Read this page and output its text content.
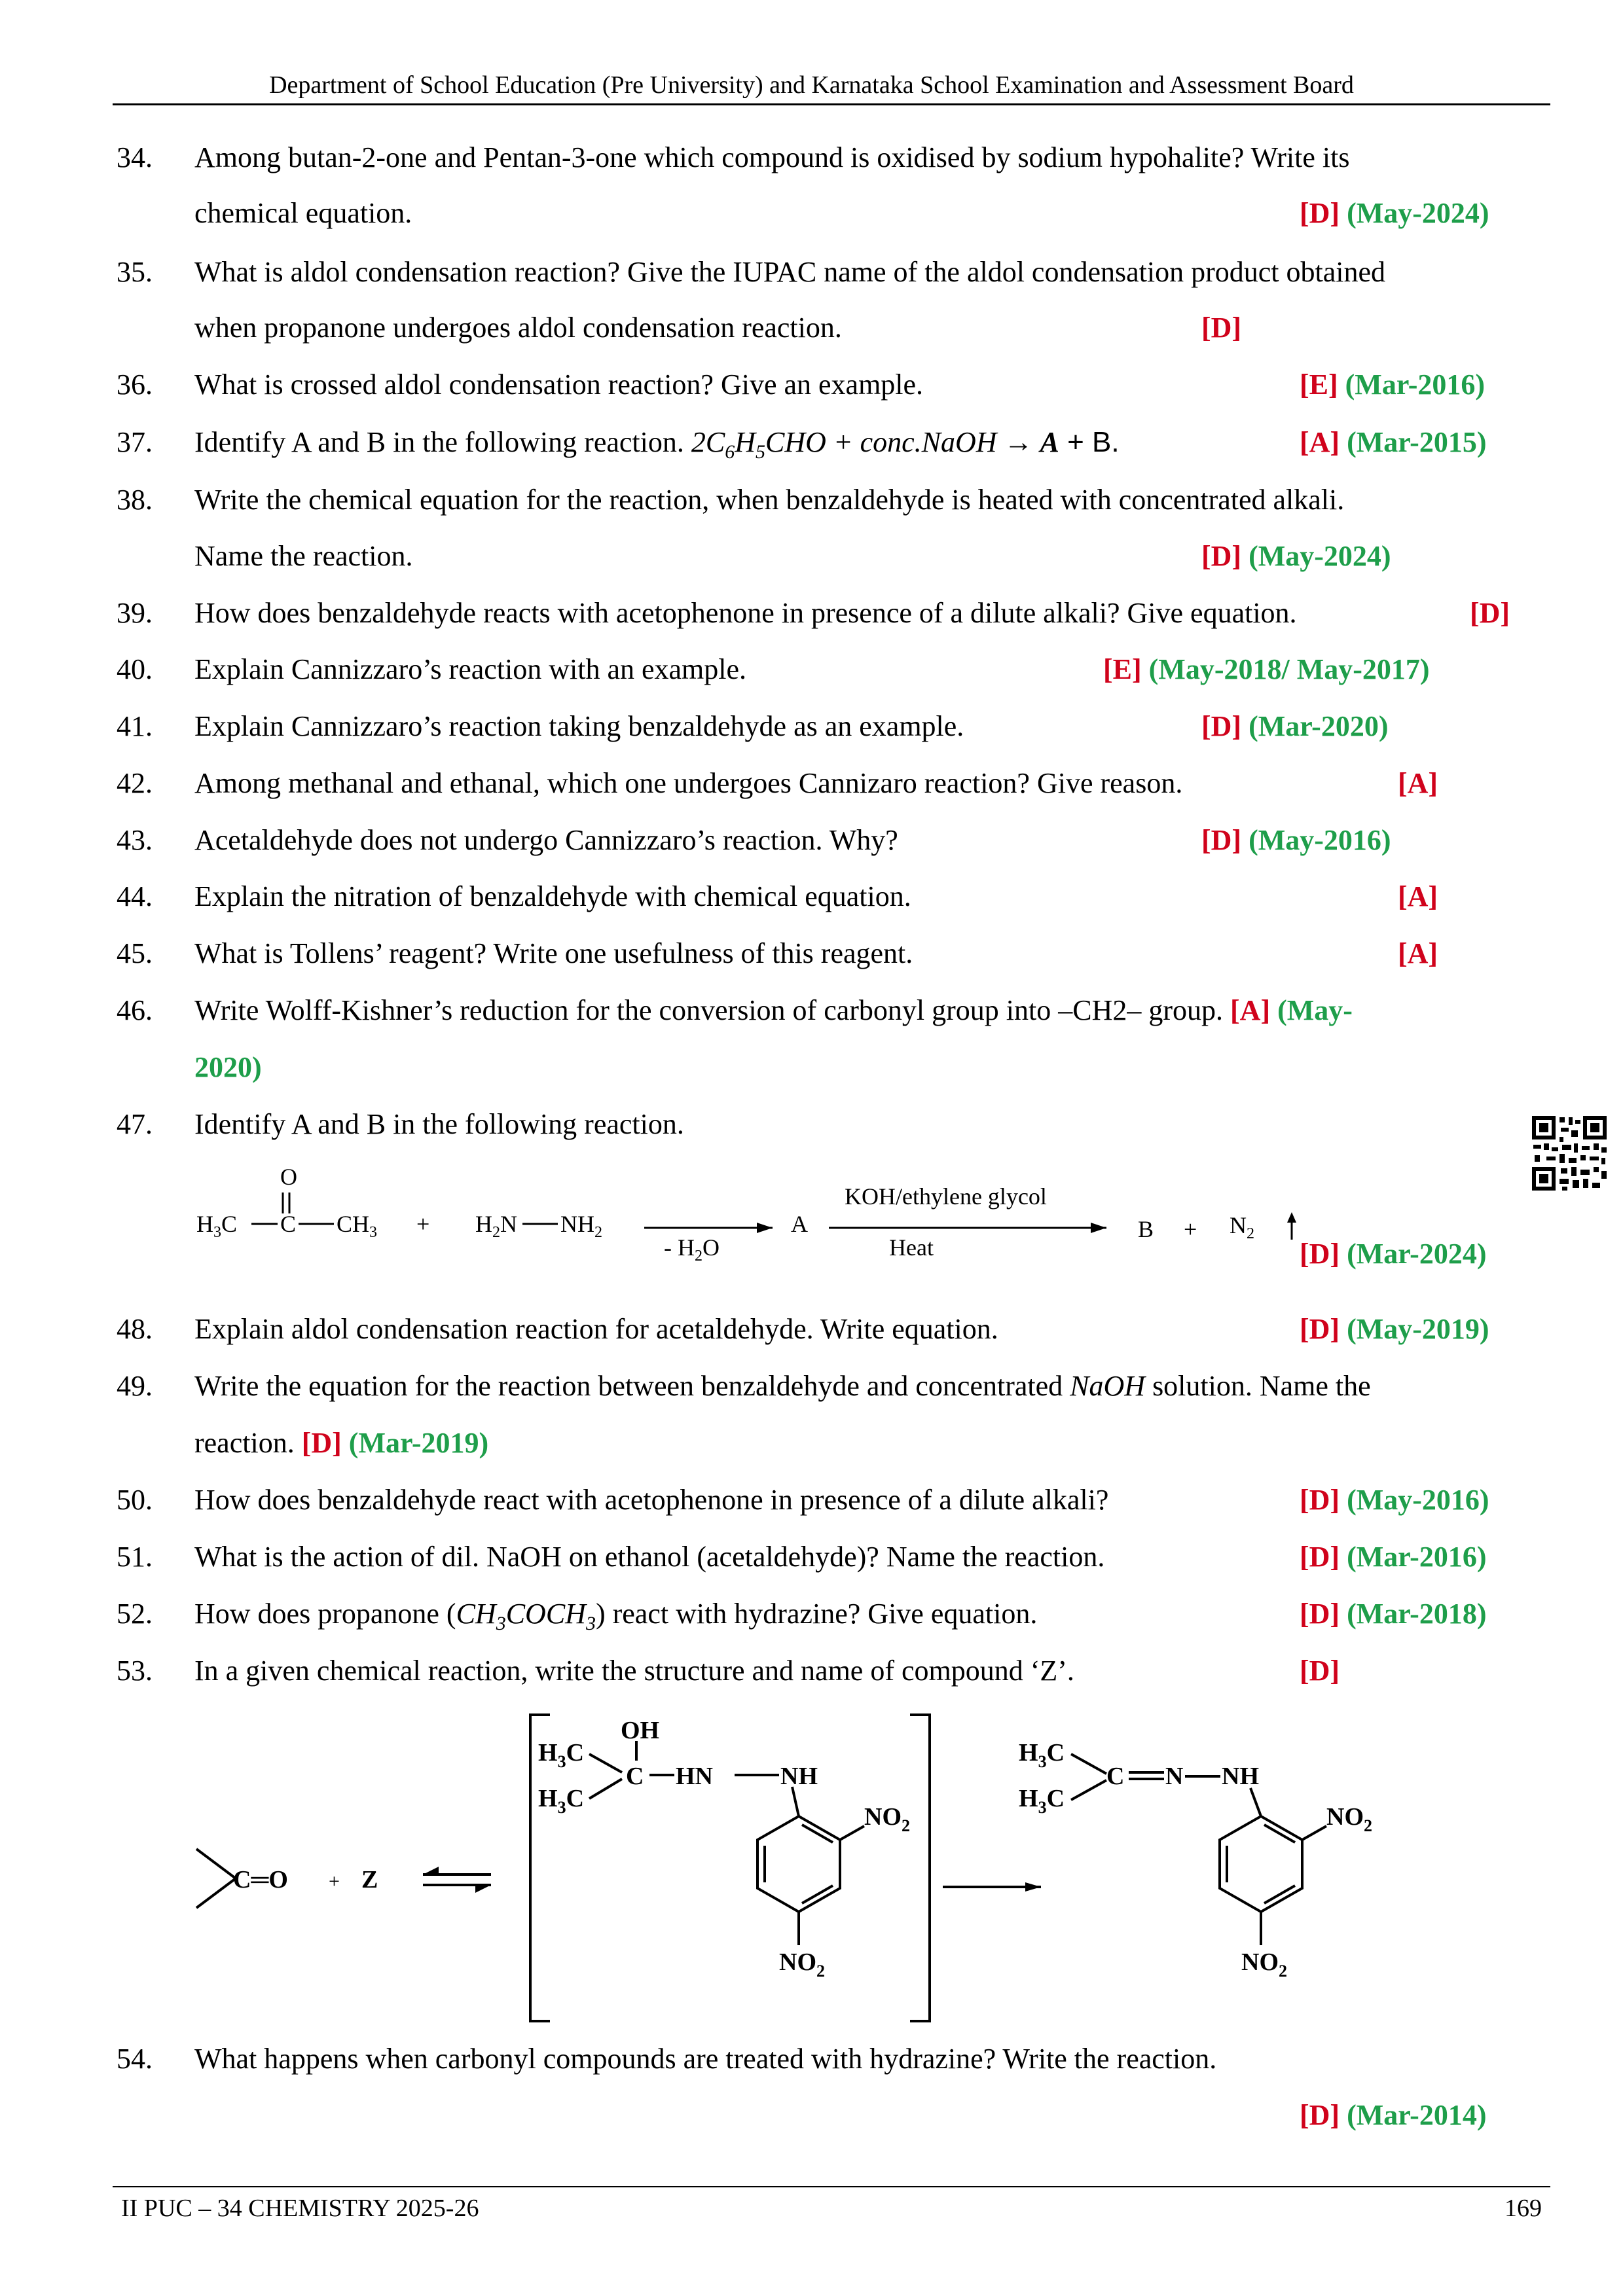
Department of School Education (Pre University) and Karnataka School Examination and Assessment Board
34. Among butan-2-one and Pentan-3-one which compound is oxidised by sodium hypohalite? Write its
chemical equation.	[D] (May-2024)
35. What is aldol condensation reaction? Give the IUPAC name of the aldol condensation product obtained
when propanone undergoes aldol condensation reaction.	[D]
36. What is crossed aldol condensation reaction? Give an example.	[E] (Mar-2016)
37. Identify A and B in the following reaction. $2C_6H_5CHO$ + conc.NaOH → A + B.	[A] (Mar-2015)
38. Write the chemical equation for the reaction, when benzaldehyde is heated with concentrated alkali.
Name the reaction.	[D] (May-2024)
39. How does benzaldehyde reacts with acetophenone in presence of a dilute alkali? Give equation.	[D]
40. Explain Cannizzaro’s reaction with an example.	[E] (May-2018/ May-2017)
41. Explain Cannizzaro’s reaction taking benzaldehyde as an example.	[D] (Mar-2020)
42. Among methanal and ethanal, which one undergoes Cannizaro reaction? Give reason.	[A]
43. Acetaldehyde does not undergo Cannizzaro’s reaction. Why?	[D] (May-2016)
44. Explain the nitration of benzaldehyde with chemical equation.	[A]
45. What is Tollens’ reagent? Write one usefulness of this reagent.	[A]
46. Write Wolff-Kishner’s reduction for the conversion of carbonyl group into –CH2– group. [A] (May-
2020)
47. Identify A and B in the following reaction.
O
$H_3C$ C $CH_3 + H_2N$ $NH_2$
- $H_2O$
A
KOH/ethylene glycol
Heat
$B + N_2$
[D] (Mar-2024)
48. Explain aldol condensation reaction for acetaldehyde. Write equation.	[D] (May-2019)
49. Write the equation for the reaction between benzaldehyde and concentrated NaOH solution. Name the
reaction. [D] (Mar-2019)
50. How does benzaldehyde react with acetophenone in presence of a dilute alkali?	[D] (May-2016)
51. What is the action of dil. NaOH on ethanol (acetaldehyde)? Name the reaction.	[D] (Mar-2016)
52. How does propanone $(CH_3COCH_3)$ react with hydrazine? Give equation.	[D] (Mar-2018)
53. In a given chemical reaction, write the structure and name of compound ‘Z’.	[D]
C═O + Z
OH
$H_3C$
$H_3C$
C HN	NH
$NO_2$
$NO_2$
$H_3C$
$H_3C$
C N NH
$NO_2$
$NO_2$
54. What happens when carbonyl compounds are treated with hydrazine? Write the reaction.
[D] (Mar-2014)
II PUC – 34 CHEMISTRY 2025-26	169
